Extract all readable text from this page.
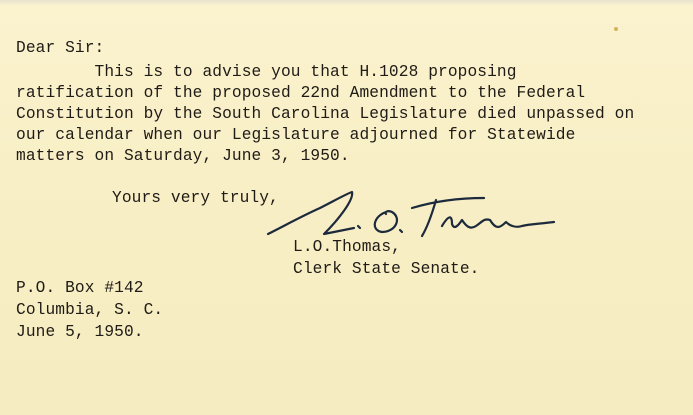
Dear Sir:
This is to advise you that H.1028 proposing
ratification of the proposed 22nd Amendment to the Federal
Constitution by the South Carolina Legislature died unpassed on
our calendar when our Legislature adjourned for Statewide
matters on Saturday, June 3, 1950.
Yours very truly,
L.O. Thomas
L.O.Thomas,
Clerk State Senate.
P.O. Box #142
Columbia, S. C.
June 5, 1950.
